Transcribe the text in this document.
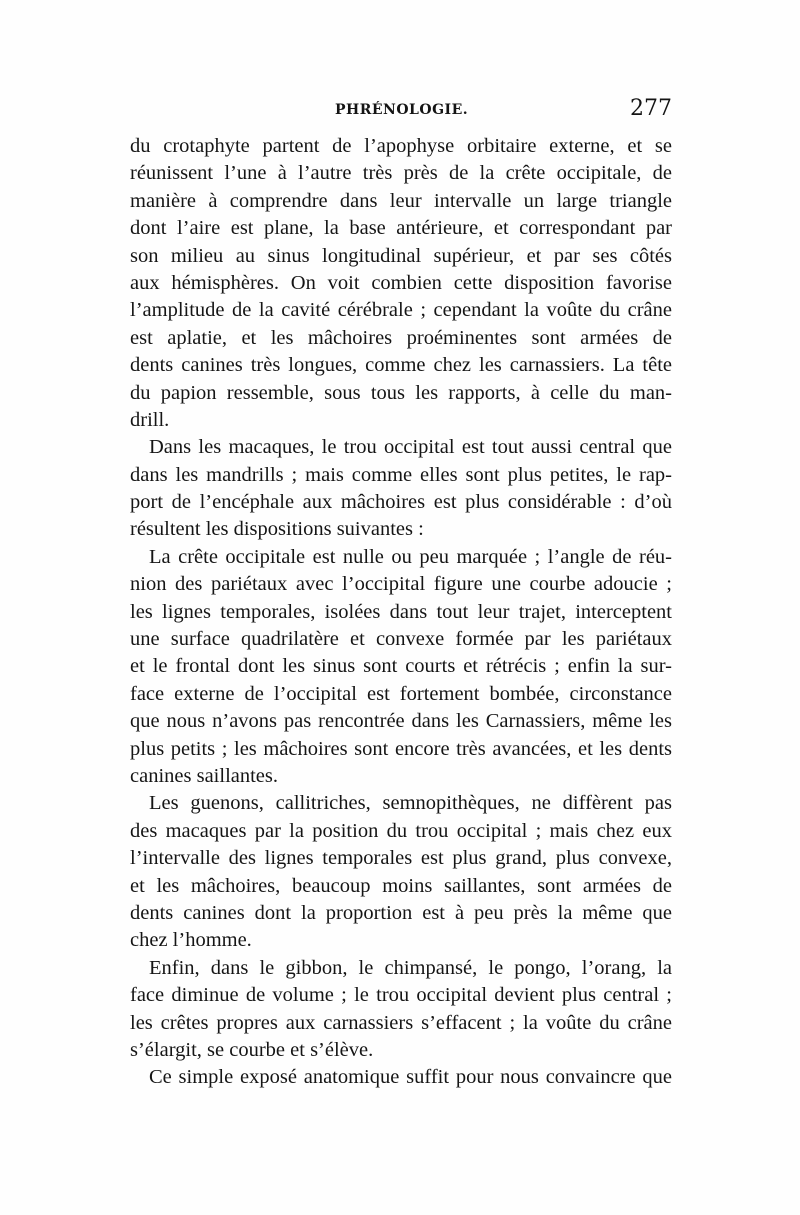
PHRÉNOLOGIE.	277
du crotaphyte partent de l’apophyse orbitaire externe, et se
réunissent l’une à l’autre très près de la crête occipitale, de
manière à comprendre dans leur intervalle un large triangle
dont l’aire est plane, la base antérieure, et correspondant par
son milieu au sinus longitudinal supérieur, et par ses côtés
aux hémisphères. On voit combien cette disposition favorise
l’amplitude de la cavité cérébrale ; cependant la voûte du crâne
est aplatie, et les mâchoires proéminentes sont armées de
dents canines très longues, comme chez les carnassiers. La tête
du papion ressemble, sous tous les rapports, à celle du man-
drill.
Dans les macaques, le trou occipital est tout aussi central que
dans les mandrills ; mais comme elles sont plus petites, le rap-
port de l’encéphale aux mâchoires est plus considérable : d’où
résultent les dispositions suivantes :
La crête occipitale est nulle ou peu marquée ; l’angle de réu-
nion des pariétaux avec l’occipital figure une courbe adoucie ;
les lignes temporales, isolées dans tout leur trajet, interceptent
une surface quadrilatère et convexe formée par les pariétaux
et le frontal dont les sinus sont courts et rétrécis ; enfin la sur-
face externe de l’occipital est fortement bombée, circonstance
que nous n’avons pas rencontrée dans les Carnassiers, même les
plus petits ; les mâchoires sont encore très avancées, et les dents
canines saillantes.
Les guenons, callitriches, semnopithèques, ne diffèrent pas
des macaques par la position du trou occipital ; mais chez eux
l’intervalle des lignes temporales est plus grand, plus convexe,
et les mâchoires, beaucoup moins saillantes, sont armées de
dents canines dont la proportion est à peu près la même que
chez l’homme.
Enfin, dans le gibbon, le chimpansé, le pongo, l’orang, la
face diminue de volume ; le trou occipital devient plus central ;
les crêtes propres aux carnassiers s’effacent ; la voûte du crâne
s’élargit, se courbe et s’élève.
Ce simple exposé anatomique suffit pour nous convaincre que
